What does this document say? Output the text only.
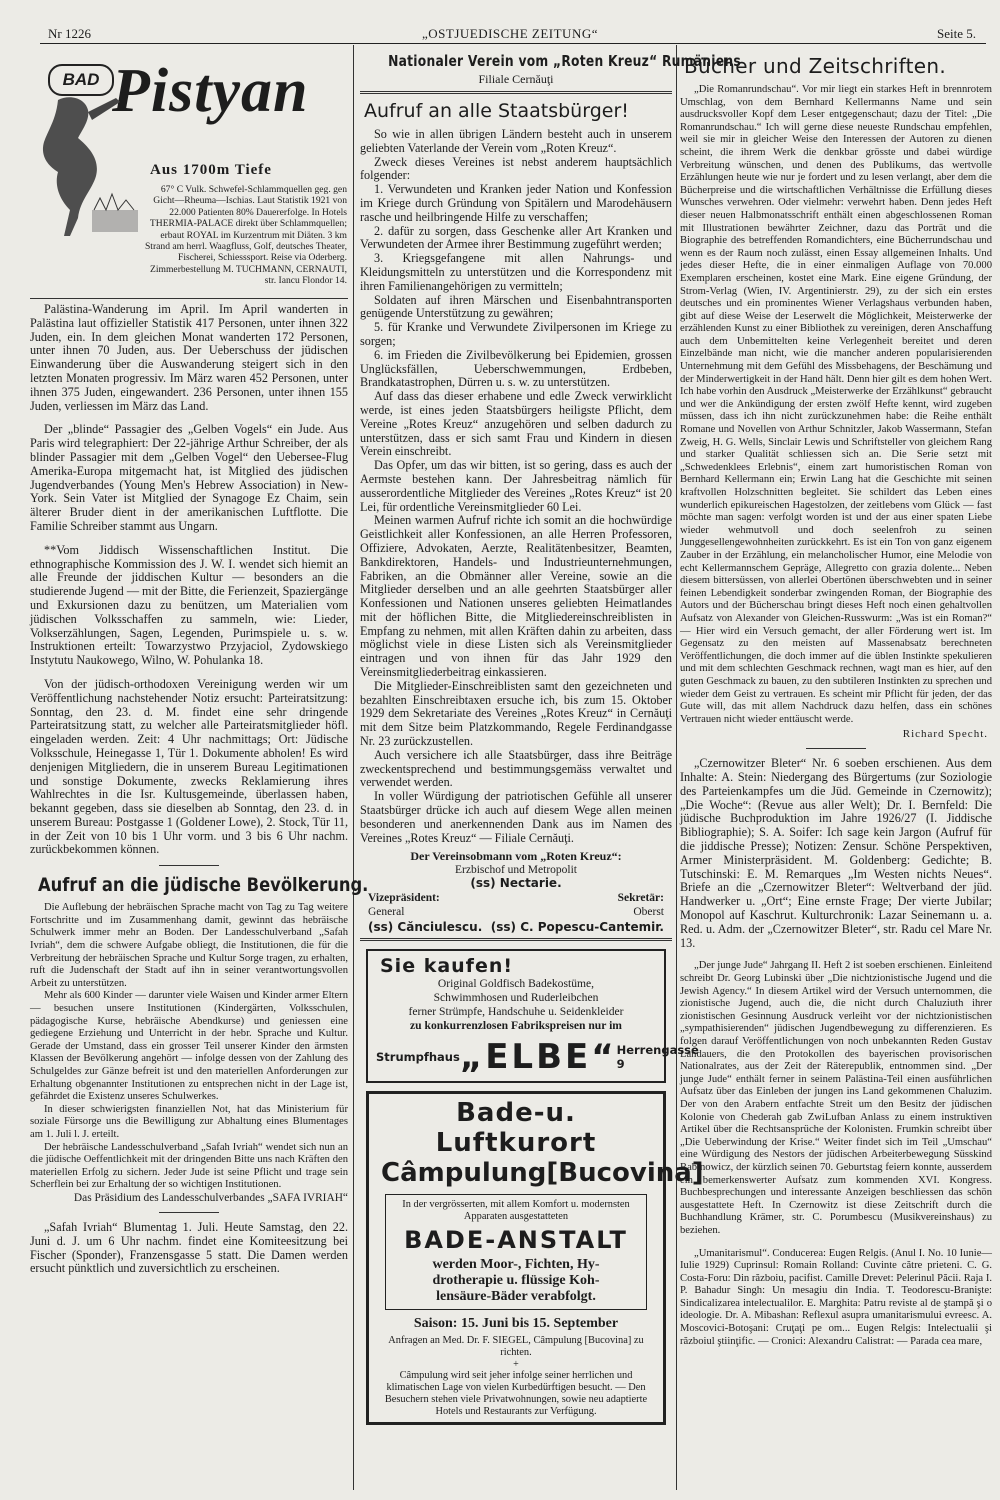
Nr 1226	„OSTJUEDISCHE ZEITUNG“	Seite 5.
BAD Pistyan
Aus 1700m Tiefe
67° C Vulk. Schwefel-Schlammquellen geg. gen Gicht—Rheuma—Ischias. Laut Statistik 1921 von 22.000 Patienten 80% Dauererfolge. In Hotels THERMIA-PALACE direkt über Schlammquellen; erbaut ROYAL im Kurzentrum mit Diäten. 3 km Strand am herrl. Waagfluss, Golf, deutsches Theater, Fischerei, Schiesssport. Reise via Oderberg. Zimmerbestellung M. TUCHMANN, CERNAUTI, str. Iancu Flondor 14.

Palästina-Wanderung im April. Im April wanderten in Palästina laut offizieller Statistik 417 Personen, unter ihnen 322 Juden, ein. In dem gleichen Monat wanderten 172 Personen, unter ihnen 70 Juden, aus. Der Ueberschuss der jüdischen Einwanderung über die Auswanderung steigert sich in den letzten Monaten progressiv. Im März waren 452 Personen, unter ihnen 375 Juden, eingewandert. 236 Personen, unter ihnen 155 Juden, verliessen im März das Land.

Der „blinde“ Passagier des „Gelben Vogels“ ein Jude. Aus Paris wird telegraphiert: Der 22-jährige Arthur Schreiber, der als blinder Passagier mit dem „Gelben Vogel“ den Uebersee-Flug Amerika-Europa mitgemacht hat, ist Mitglied des jüdischen Jugendverbandes (Young Men's Hebrew Association) in New-York. Sein Vater ist Mitglied der Synagoge Ez Chaim, sein älterer Bruder dient in der amerikanischen Luftflotte. Die Familie Schreiber stammt aus Ungarn.

**Vom Jiddisch Wissenschaftlichen Institut. Die ethnographische Kommission des J. W. I. wendet sich hiemit an alle Freunde der jiddischen Kultur — besonders an die studierende Jugend — mit der Bitte, die Ferienzeit, Spaziergänge und Exkursionen dazu zu benützen, um Materialien vom jüdischen Volksschaffen zu sammeln, wie: Lieder, Volkserzählungen, Sagen, Legenden, Purimspiele u. s. w. Instruktionen erteilt: Towarzystwo Przyjaciol, Zydowskiego Instytutu Naukowego, Wilno, W. Pohulanka 18.

Von der jüdisch-orthodoxen Vereinigung werden wir um Veröffentlichung nachstehender Notiz ersucht: Parteiratsitzung: Sonntag, den 23. d. M. findet eine sehr dringende Parteiratsitzung statt, zu welcher alle Parteiratsmitglieder höfl. eingeladen werden. Zeit: 4 Uhr nachmittags; Ort: Jüdische Volksschule, Heinegasse 1, Tür 1. Dokumente abholen! Es wird denjenigen Mitgliedern, die in unserem Bureau Legitimationen und sonstige Dokumente, zwecks Reklamierung ihres Wahlrechtes in die Isr. Kultusgemeinde, überlassen haben, bekannt gegeben, dass sie dieselben ab Sonntag, den 23. d. in unserem Bureau: Postgasse 1 (Goldener Lowe), 2. Stock, Tür 11, in der Zeit von 10 bis 1 Uhr vorm. und 3 bis 6 Uhr nachm. zurückbekommen können.

Aufruf an die jüdische Bevölkerung.

Die Auflebung der hebräischen Sprache macht von Tag zu Tag weitere Fortschritte und im Zusammenhang damit, gewinnt das hebräische Schulwerk immer mehr an Boden. Der Landesschulverband „Safah Ivriah“, dem die schwere Aufgabe obliegt, die Institutionen, die für die Verbreitung der hebräischen Sprache und Kultur Sorge tragen, zu erhalten, ruft die Judenschaft der Stadt auf ihn in seiner verantwortungsvollen Arbeit zu unterstützen.

Mehr als 600 Kinder — darunter viele Waisen und Kinder armer Eltern — besuchen unsere Institutionen (Kindergärten, Volksschulen, pädagogische Kurse, hebräische Abendkurse) und geniessen eine gediegene Erziehung und Unterricht in der hebr. Sprache und Kultur. Gerade der Umstand, dass ein grosser Teil unserer Kinder den ärmsten Klassen der Bevölkerung angehört — infolge dessen von der Zahlung des Schulgeldes zur Gänze befreit ist und den materiellen Anforderungen zur Erhaltung obgenannter Institutionen zu entsprechen nicht in der Lage ist, gefährdet die Existenz unseres Schulwerkes.

In dieser schwierigsten finanziellen Not, hat das Ministerium für soziale Fürsorge uns die Bewilligung zur Abhaltung eines Blumentages am 1. Juli l. J. erteilt.

Der hebräische Landesschulverband „Safah Ivriah“ wendet sich nun an die jüdische Oeffentlichkeit mit der dringenden Bitte uns nach Kräften den materiellen Erfolg zu sichern. Jeder Jude ist seine Pflicht und trage sein Scherflein bei zur Erhaltung der so wichtigen Institutionen.

Das Präsidium des Landesschulverbandes „SAFA IVRIAH“

„Safah Ivriah“ Blumentag 1. Juli. Heute Samstag, den 22. Juni d. J. um 6 Uhr nachm. findet eine Komiteesitzung bei Fischer (Sponder), Franzensgasse 5 statt. Die Damen werden ersucht pünktlich und zuversichtlich zu erscheinen.

Nationaler Verein vom „Roten Kreuz“ Rumäniens
Filiale Cernăuţi
Aufruf an alle Staatsbürger!

So wie in allen übrigen Ländern besteht auch in unserem geliebten Vaterlande der Verein vom „Roten Kreuz“.

Zweck dieses Vereines ist nebst anderem hauptsächlich folgender:

1. Verwundeten und Kranken jeder Nation und Konfession im Kriege durch Gründung von Spitälern und Marodehäusern rasche und heilbringende Hilfe zu verschaffen;

2. dafür zu sorgen, dass Geschenke aller Art Kranken und Verwundeten der Armee ihrer Bestimmung zugeführt werden;

3. Kriegsgefangene mit allen Nahrungs- und Kleidungsmitteln zu unterstützen und die Korrespondenz mit ihren Familienangehörigen zu vermitteln;

Soldaten auf ihren Märschen und Eisenbahntransporten genügende Unterstützung zu gewähren;

5. für Kranke und Verwundete Zivilpersonen im Kriege zu sorgen;

6. im Frieden die Zivilbevölkerung bei Epidemien, grossen Unglücksfällen, Ueberschwemmungen, Erdbeben, Brandkatastrophen, Dürren u. s. w. zu unterstützen.

Auf dass das dieser erhabene und edle Zweck verwirklicht werde, ist eines jeden Staatsbürgers heiligste Pflicht, dem Vereine „Rotes Kreuz“ anzugehören und selben dadurch zu unterstützen, dass er sich samt Frau und Kindern in diesen Verein einschreibt.

Das Opfer, um das wir bitten, ist so gering, dass es auch der Aermste bestehen kann. Der Jahresbeitrag nämlich für ausserordentliche Mitglieder des Vereines „Rotes Kreuz“ ist 20 Lei, für ordentliche Vereinsmitglieder 60 Lei.

Meinen warmen Aufruf richte ich somit an die hochwürdige Geistlichkeit aller Konfessionen, an alle Herren Professoren, Offiziere, Advokaten, Aerzte, Realitätenbesitzer, Beamten, Bankdirektoren, Handels- und Industrieunternehmungen, Fabriken, an die Obmänner aller Vereine, sowie an die Mitglieder derselben und an alle geehrten Staatsbürger aller Konfessionen und Nationen unseres geliebten Heimatlandes mit der höflichen Bitte, die Mitgliedereinschreiblisten in Empfang zu nehmen, mit allen Kräften dahin zu arbeiten, dass möglichst viele in diese Listen sich als Vereinsmitglieder eintragen und von ihnen für das Jahr 1929 den Vereinsmitgliederbeitrag einkassieren.

Die Mitglieder-Einschreiblisten samt den gezeichneten und bezahlten Einschreibtaxen ersuche ich, bis zum 15. Oktober 1929 dem Sekretariate des Vereines „Rotes Kreuz“ in Cernăuţi mit dem Sitze beim Platzkommando, Regele Ferdinandgasse Nr. 23 zurückzustellen.

Auch versichere ich alle Staatsbürger, dass ihre Beiträge zweckentsprechend und bestimmungsgemäss verwaltet und verwendet werden.

In voller Würdigung der patriotischen Gefühle all unserer Staatsbürger drücke ich auch auf diesem Wege allen meinen besonderen und anerkennenden Dank aus im Namen des Vereines „Rotes Kreuz“ — Filiale Cernăuţi.

Der Vereinsobmann vom „Roten Kreuz“:
Erzbischof und Metropolit
(ss) Nectarie.
Vizepräsident:	Sekretär:
General	Oberst
(ss) Cănciulescu. (ss) C. Popescu-Cantemir.
Sie kaufen!
Original Goldfisch Badekostüme,
Schwimmhosen und Ruderleibchen
ferner Strümpfe, Handschuhe u. Seidenkleider
zu konkurrenzlosen Fabrikspreisen nur im
Strumpfhaus „ELBE“ Herrengasse 9
Bade-u. Luftkurort
Câmpulung [Bucovina]
In der vergrösserten, mit allem Komfort u. modernsten Apparaten ausgestatteten
BADE-ANSTALT
werden Moor-, Fichten, Hy-
drotherapie u. flüssige Koh-
lensäure-Bäder verabfolgt.
Saison: 15. Juni bis 15. September
Anfragen an Med. Dr. F. SIEGEL, Câmpulung [Bucovina] zu richten.
+
Câmpulung wird seit jeher infolge seiner herrlichen und klimatischen Lage von vielen Kurbedürftigen besucht. — Den Besuchern stehen viele Privatwohnungen, sowie neu adaptierte Hotels und Restaurants zur Verfügung.
Bücher und Zeitschriften.

„Die Romanrundschau“. Vor mir liegt ein starkes Heft in brennrotem Umschlag, von dem Bernhard Kellermanns Name und sein ausdrucksvoller Kopf dem Leser entgegenschaut; dazu der Titel: „Die Romanrundschau.“ Ich will gerne diese neueste Rundschau empfehlen, weil sie mir in gleicher Weise den Interessen der Autoren zu dienen scheint, die ihrem Werk die denkbar grösste und dabei würdige Verbreitung wünschen, und denen des Publikums, das wertvolle Erzählungen heute wie nur je fordert und zu lesen verlangt, aber dem die Bücherpreise und die wirtschaftlichen Verhältnisse die Erfüllung dieses Wunsches verwehren. Oder vielmehr: verwehrt haben. Denn jedes Heft dieser neuen Halbmonatsschrift enthält einen abgeschlossenen Roman mit Illustrationen bewährter Zeichner, dazu das Porträt und die Biographie des betreffenden Romandichters, eine Bücherrundschau und wenn es der Raum noch zulässt, einen Essay allgemeinen Inhalts. Und jedes dieser Hefte, die in einer einmaligen Auflage von 70.000 Exemplaren erscheinen, kostet eine Mark. Eine eigene Gründung, der Strom-Verlag (Wien, IV. Argentinierstr. 29), zu der sich ein erstes deutsches und ein prominentes Wiener Verlagshaus verbunden haben, gibt auf diese Weise der Leserwelt die Möglichkeit, Meisterwerke der erzählenden Kunst zu einer Bibliothek zu vereinigen, deren Anschaffung auch dem Unbemittelten keine Verlegenheit bereitet und deren Einzelbände man nicht, wie die mancher anderen popularisierenden Unternehmung mit dem Gefühl des Missbehagens, der Beschämung und der Minderwertigkeit in der Hand hält. Denn hier gilt es dem hohen Wert. Ich habe vorhin den Ausdruck „Meisterwerke der Erzählkunst“ gebraucht und wer die Ankündigung der ersten zwölf Hefte kennt, wird zugeben müssen, dass ich ihn nicht zurückzunehmen habe: die Reihe enthält Romane und Novellen von Arthur Schnitzler, Jakob Wassermann, Stefan Zweig, H. G. Wells, Sinclair Lewis und Schriftsteller von gleichem Rang und starker Qualität schliessen sich an. Die Serie setzt mit „Schwedenklees Erlebnis“, einem zart humoristischen Roman von Bernhard Kellermann ein; Erwin Lang hat die Geschichte mit seinen kraftvollen Holzschnitten begleitet. Sie schildert das Leben eines wunderlich epikureischen Hagestolzen, der zeitlebens vom Glück — fast möchte man sagen: verfolgt worden ist und der aus einer spaten Liebe wieder wehmutvoll und doch seelenfroh zu seinen Junggesellengewohnheiten zurückkehrt. Es ist ein Ton von ganz eigenem Zauber in der Erzählung, ein melancholischer Humor, eine Melodie von echt Kellermannschem Gepräge, Allegretto con grazia dolente... Neben diesem bittersüssen, von allerlei Obertönen überschwebten und in seiner feinen Lebendigkeit sonderbar zwingenden Roman, der Biographie des Autors und der Bücherschau bringt dieses Heft noch einen gehaltvollen Aufsatz von Alexander von Gleichen-Russwurm: „Was ist ein Roman?“ — Hier wird ein Versuch gemacht, der aller Förderung wert ist. Im Gegensatz zu den meisten auf Massenabsatz berechneten Veröffentlichungen, die doch immer auf die üblen Instinkte spekulieren und mit dem schlechten Geschmack rechnen, wagt man es hier, auf den guten Geschmack zu bauen, zu den subtileren Instinkten zu sprechen und wieder dem Geist zu vertrauen. Es scheint mir Pflicht für jeden, der das Gute will, das mit allem Nachdruck dazu helfen, dass ein schönes Vertrauen nicht wieder enttäuscht werde.

Richard Specht.

„Czernowitzer Bleter“ Nr. 6 soeben erschienen. Aus dem Inhalte: A. Stein: Niedergang des Bürgertums (zur Soziologie des Parteienkampfes um die Jüd. Gemeinde in Czernowitz); „Die Woche“: (Revue aus aller Welt); Dr. I. Bernfeld: Die jüdische Buchproduktion im Jahre 1926/27 (I. Jiddische Bibliographie); S. A. Soifer: Ich sage kein Jargon (Aufruf für die jiddische Presse); Notizen: Zensur. Schöne Perspektiven, Armer Ministerpräsident. M. Goldenberg: Gedichte; B. Tutschinski: E. M. Remarques „Im Westen nichts Neues“. Briefe an die „Czernowitzer Bleter“: Weltverband der jüd. Handwerker u. „Ort“; Eine ernste Frage; Der vierte Jubilar; Monopol auf Kaschrut. Kulturchronik: Lazar Seinemann u. a. Red. u. Adm. der „Czernowitzer Bleter“, str. Radu cel Mare Nr. 13.

„Der junge Jude“ Jahrgang II. Heft 2 ist soeben erschienen. Einleitend schreibt Dr. Georg Lubinski über „Die nichtzionistische Jugend und die Jewish Agency.“ In diesem Artikel wird der Versuch unternommen, die zionistische Jugend, auch die, die nicht durch Chaluziuth ihrer zionistischen Gesinnung Ausdruck verleiht vor der nichtzionistischen „sympathisierenden“ jüdischen Jugendbewegung zu differenzieren. Es folgen darauf Veröffentlichungen von noch unbekannten Reden Gustav Landauers, die den Protokollen des bayerischen provisorischen Nationalrates, aus der Zeit der Räterepublik, entnommen sind. „Der junge Jude“ enthält ferner in seinem Palästina-Teil einen ausführlichen Aufsatz über das Einleben der jungen ins Land gekommenen Chaluzim. Der von den Arabern entfachte Streit um den Besitz der jüdischen Kolonie von Chederah gab ZwiLufban Anlass zu einem instruktiven Artikel über die Rechtsansprüche der Kolonisten. Frumkin schreibt über „Die Ueberwindung der Krise.“ Weiter findet sich im Teil „Umschau“ eine Würdigung des Nestors der jüdischen Arbeiterbewegung Süsskind Rabinowicz, der kürzlich seinen 70. Geburtstag feiern konnte, ausserdem ein bemerkenswerter Aufsatz zum kommenden XVI. Kongress. Buchbesprechungen und interessante Anzeigen beschliessen das schön ausgestattete Heft. In Czernowitz ist diese Zeitschrift durch die Buchhandlung Krämer, str. C. Porumbescu (Musikvereinshaus) zu beziehen.

„Umanitarismul“. Conducerea: Eugen Relgis. (Anul I. No. 10 Iunie—Iulie 1929) Cuprinsul: Romain Rolland: Cuvinte către prieteni. C. G. Costa-Foru: Din războiu, pacifist. Camille Drevet: Pelerinul Păcii. Raja I. P. Bahadur Singh: Un mesagiu din India. T. Teodorescu-Branişte: Sindicalizarea intelectualilor. E. Marghita: Patru reviste al de ştampă şi o ideologie. Dr. A. Mibashan: Reflexul asupra umanitarismului evreesc. A. Moscovici-Botoşani: Cruţaţi pe om... Eugen Relgis: Intelectualii şi războiul ştiinţific. — Cronici: Alexandru Calistrat: — Parada cea mare,
